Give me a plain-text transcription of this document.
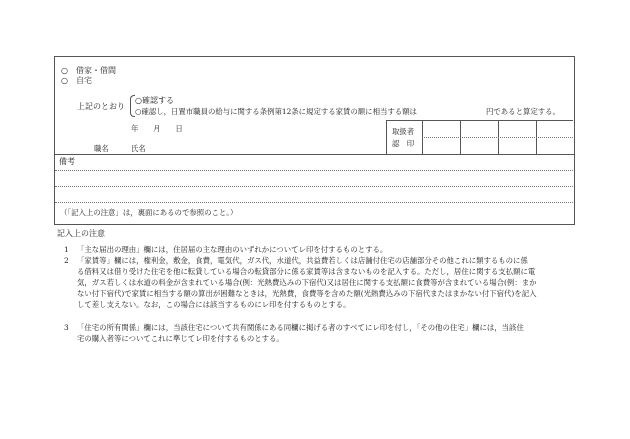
○　借家・借間
○　自宅
上記のとおり
○確認する
○確認し，日置市職員の給与に関する条例第12条に規定する家賃の額に相当する額は	円であると算定する。
年　　月　　日
職名	氏名
取扱者
認　印
備考
（「記入上の注意」は，裏面にあるので参照のこと。）
記入上の注意
1 「主な届出の理由」欄には，住居届の主な理由のいずれかについてレ印を付するものとする。
2 「家賃等」欄には，権利金，敷金，食費，電気代，ガス代，水道代，共益費若しくは店舗付住宅の店舗部分その他これに類するものに係
る借料又は借り受けた住宅を他に転貸している場合の転貸部分に係る家賃等は含まないものを記入する。ただし，居住に関する支払額に電
気，ガス若しくは水道の料金が含まれている場合(例：光熱費込みの下宿代)又は居住に関する支払額に食費等が含まれている場合(例：まか
ない付下宿代)で家賃に相当する額の算出が困難なときは，光熱費，食費等を含めた額(光熱費込みの下宿代またはまかない付下宿代)を記入
して差し支えない。なお，この場合には該当するものにレ印を付するものとする。
3 「住宅の所有関係」欄には，当該住宅について共有関係にある同欄に掲げる者のすべてにレ印を付し，「その他の住宅」欄には，当該住
宅の購入者等についてこれに準じてレ印を付するものとする。
